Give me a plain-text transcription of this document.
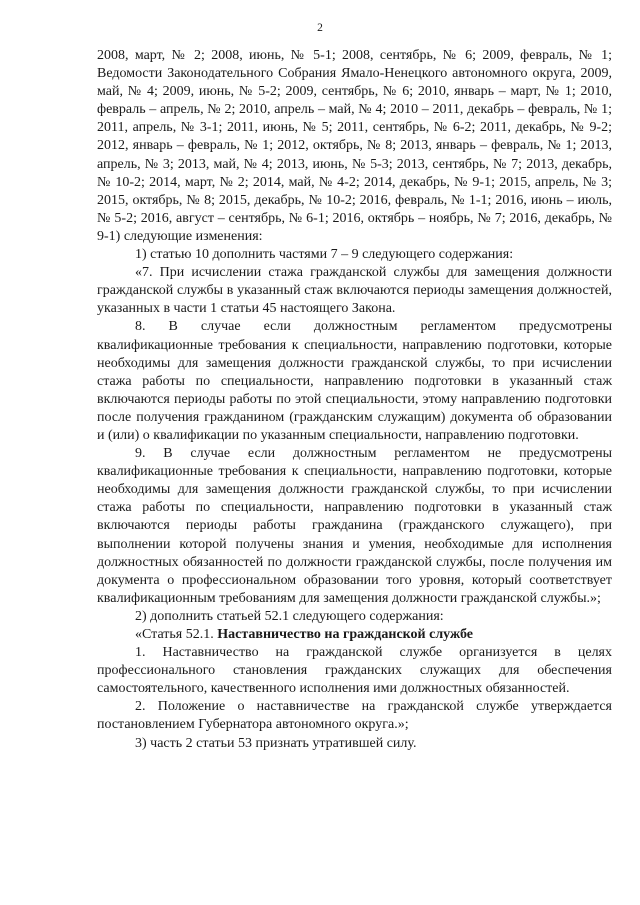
2

2008, март, № 2; 2008, июнь, № 5-1; 2008, сентябрь, № 6; 2009, февраль, № 1; Ведомости Законодательного Собрания Ямало-Ненецкого автономного округа, 2009, май, № 4; 2009, июнь, № 5-2; 2009, сентябрь, № 6; 2010, январь – март, № 1; 2010, февраль – апрель, № 2; 2010, апрель – май, № 4; 2010 – 2011, декабрь – февраль, № 1; 2011, апрель, № 3-1; 2011, июнь, № 5; 2011, сентябрь, № 6-2; 2011, декабрь, № 9-2; 2012, январь – февраль, № 1; 2012, октябрь, № 8; 2013, январь – февраль, № 1; 2013, апрель, № 3; 2013, май, № 4; 2013, июнь, № 5-3; 2013, сентябрь, № 7; 2013, декабрь, № 10-2; 2014, март, № 2; 2014, май, № 4-2; 2014, декабрь, № 9-1; 2015, апрель, № 3; 2015, октябрь, № 8; 2015, декабрь, № 10-2; 2016, февраль, № 1-1; 2016, июнь – июль, № 5-2; 2016, август – сентябрь, № 6-1; 2016, октябрь – ноябрь, № 7; 2016, декабрь, № 9-1) следующие изменения:

1) статью 10 дополнить частями 7 – 9 следующего содержания:

«7. При исчислении стажа гражданской службы для замещения должности гражданской службы в указанный стаж включаются периоды замещения должностей, указанных в части 1 статьи 45 настоящего Закона.

8. В случае если должностным регламентом предусмотрены квалификационные требования к специальности, направлению подготовки, которые необходимы для замещения должности гражданской службы, то при исчислении стажа работы по специальности, направлению подготовки в указанный стаж включаются периоды работы по этой специальности, этому направлению подготовки после получения гражданином (гражданским служащим) документа об образовании и (или) о квалификации по указанным специальности, направлению подготовки.

9. В случае если должностным регламентом не предусмотрены квалификационные требования к специальности, направлению подготовки, которые необходимы для замещения должности гражданской службы, то при исчислении стажа работы по специальности, направлению подготовки в указанный стаж включаются периоды работы гражданина (гражданского служащего), при выполнении которой получены знания и умения, необходимые для исполнения должностных обязанностей по должности гражданской службы, после получения им документа о профессиональном образовании того уровня, который соответствует квалификационным требованиям для замещения должности гражданской службы.»;

2) дополнить статьей 52.1 следующего содержания:

«Статья 52.1. Наставничество на гражданской службе

1. Наставничество на гражданской службе организуется в целях профессионального становления гражданских служащих для обеспечения самостоятельного, качественного исполнения ими должностных обязанностей.

2. Положение о наставничестве на гражданской службе утверждается постановлением Губернатора автономного округа.»;

3) часть 2 статьи 53 признать утратившей силу.
